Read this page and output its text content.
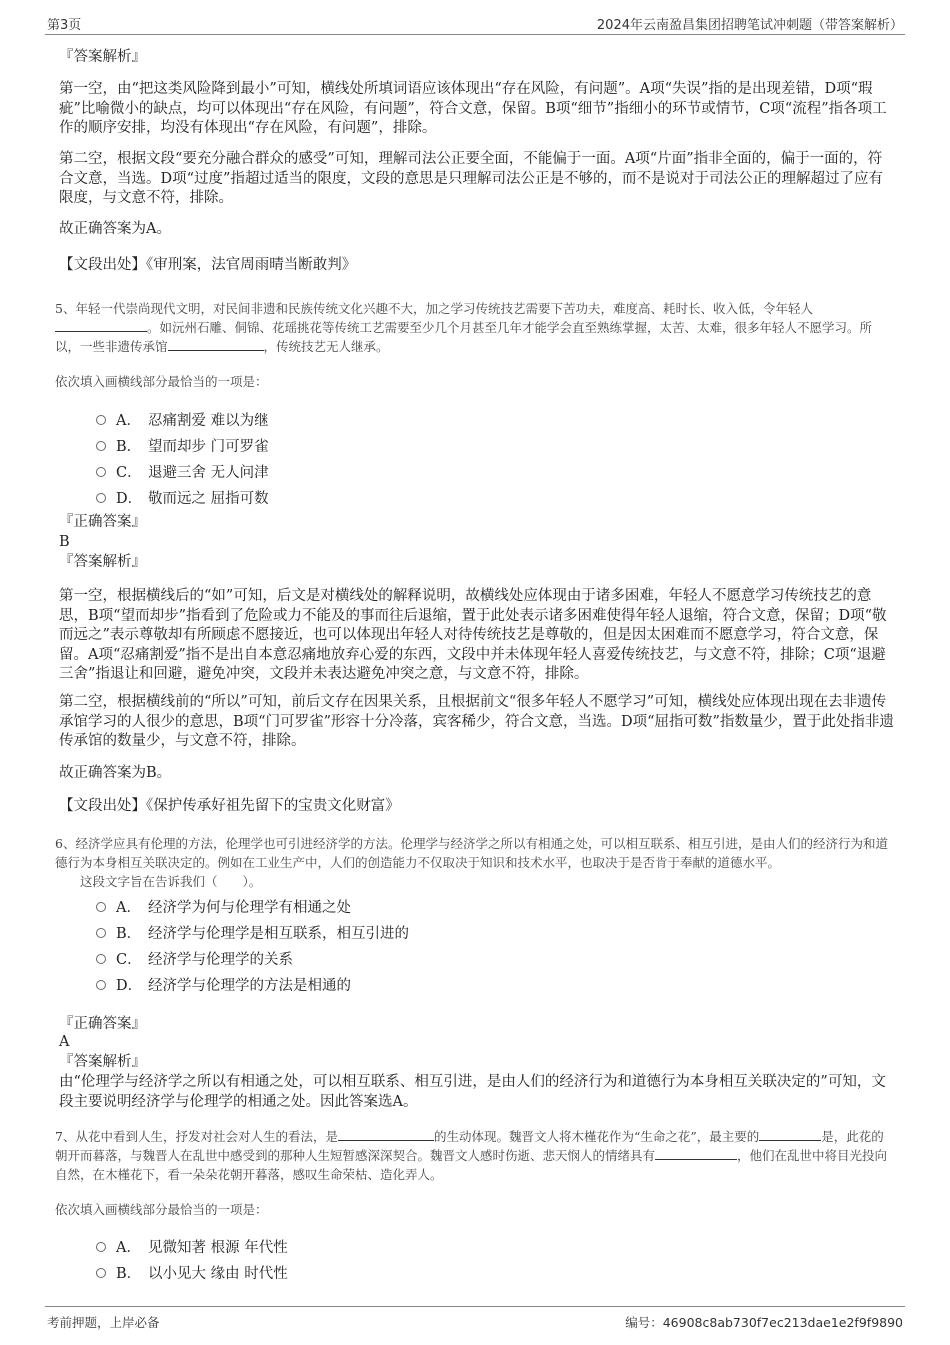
第3页	2024年云南盈昌集团招聘笔试冲刺题（带答案解析）

『答案解析』

第一空，由“把这类风险降到最小”可知，横线处所填词语应该体现出“存在风险，有问题”。A项“失误”指的是出现差错，D项“瑕疵”比喻微小的缺点，均可以体现出“存在风险，有问题”，符合文意，保留。B项“细节”指细小的环节或情节，C项“流程”指各项工作的顺序安排，均没有体现出“存在风险，有问题”，排除。

第二空，根据文段“要充分融合群众的感受”可知，理解司法公正要全面，不能偏于一面。A项“片面”指非全面的，偏于一面的，符合文意，当选。D项“过度”指超过适当的限度，文段的意思是只理解司法公正是不够的，而不是说对于司法公正的理解超过了应有限度，与文意不符，排除。

故正确答案为A。

【文段出处】《审刑案，法官周雨晴当断敢判》

5、年轻一代崇尚现代文明，对民间非遗和民族传统文化兴趣不大，加之学习传统技艺需要下苦功夫，难度高、耗时长、收入低，令年轻人。如沅州石雕、侗锦、花瑶挑花等传统工艺需要至少几个月甚至几年才能学会直至熟练掌握，太苦、太难，很多年轻人不愿学习。所以，一些非遗传承馆	，传统技艺无人继承。

依次填入画横线部分最恰当的一项是：

A． 忍痛割爱 难以为继
B． 望而却步 门可罗雀
C． 退避三舍 无人问津
D． 敬而远之 屈指可数

『正确答案』

B

『答案解析』

第一空，根据横线后的“如”可知，后文是对横线处的解释说明，故横线处应体现由于诸多困难，年轻人不愿意学习传统技艺的意思，B项“望而却步”指看到了危险或力不能及的事而往后退缩，置于此处表示诸多困难使得年轻人退缩，符合文意，保留；D项“敬而远之”表示尊敬却有所顾虑不愿接近，也可以体现出年轻人对待传统技艺是尊敬的，但是因太困难而不愿意学习，符合文意，保留。A项“忍痛割爱”指不是出自本意忍痛地放弃心爱的东西，文段中并未体现年轻人喜爱传统技艺，与文意不符，排除；C项“退避三舍”指退让和回避，避免冲突，文段并未表达避免冲突之意，与文意不符，排除。

第二空，根据横线前的“所以”可知，前后文存在因果关系，且根据前文“很多年轻人不愿学习”可知，横线处应体现出现在去非遗传承馆学习的人很少的意思，B项“门可罗雀”形容十分冷落，宾客稀少，符合文意，当选。D项“屈指可数”指数量少，置于此处指非遗传承馆的数量少，与文意不符，排除。

故正确答案为B。

【文段出处】《保护传承好祖先留下的宝贵文化财富》

6、经济学应具有伦理的方法，伦理学也可引进经济学的方法。伦理学与经济学之所以有相通之处，可以相互联系、相互引进，是由人们的经济行为和道德行为本身相互关联决定的。例如在工业生产中，人们的创造能力不仅取决于知识和技术水平，也取决于是否肯于奉献的道德水平。

这段文字旨在告诉我们（　　）。

A． 经济学为何与伦理学有相通之处
B． 经济学与伦理学是相互联系，相互引进的
C． 经济学与伦理学的关系
D． 经济学与伦理学的方法是相通的

『正确答案』

A

『答案解析』

由“伦理学与经济学之所以有相通之处，可以相互联系、相互引进，是由人们的经济行为和道德行为本身相互关联决定的”可知，文段主要说明经济学与伦理学的相通之处。因此答案选A。

7、从花中看到人生，抒发对社会对人生的看法，是	的生动体现。魏晋文人将木槿花作为“生命之花”，最主要的	是，此花的朝开而暮落，与魏晋人在乱世中感受到的那种人生短暂感深深契合。魏晋文人感时伤逝、悲天悯人的情绪具有	，他们在乱世中将目光投向自然，在木槿花下，看一朵朵花朝开暮落，感叹生命荣枯、造化弄人。

依次填入画横线部分最恰当的一项是：

A． 见微知著 根源 年代性
B． 以小见大 缘由 时代性
考前押题，上岸必备	编号：46908c8ab730f7ec213dae1e2f9f9890
